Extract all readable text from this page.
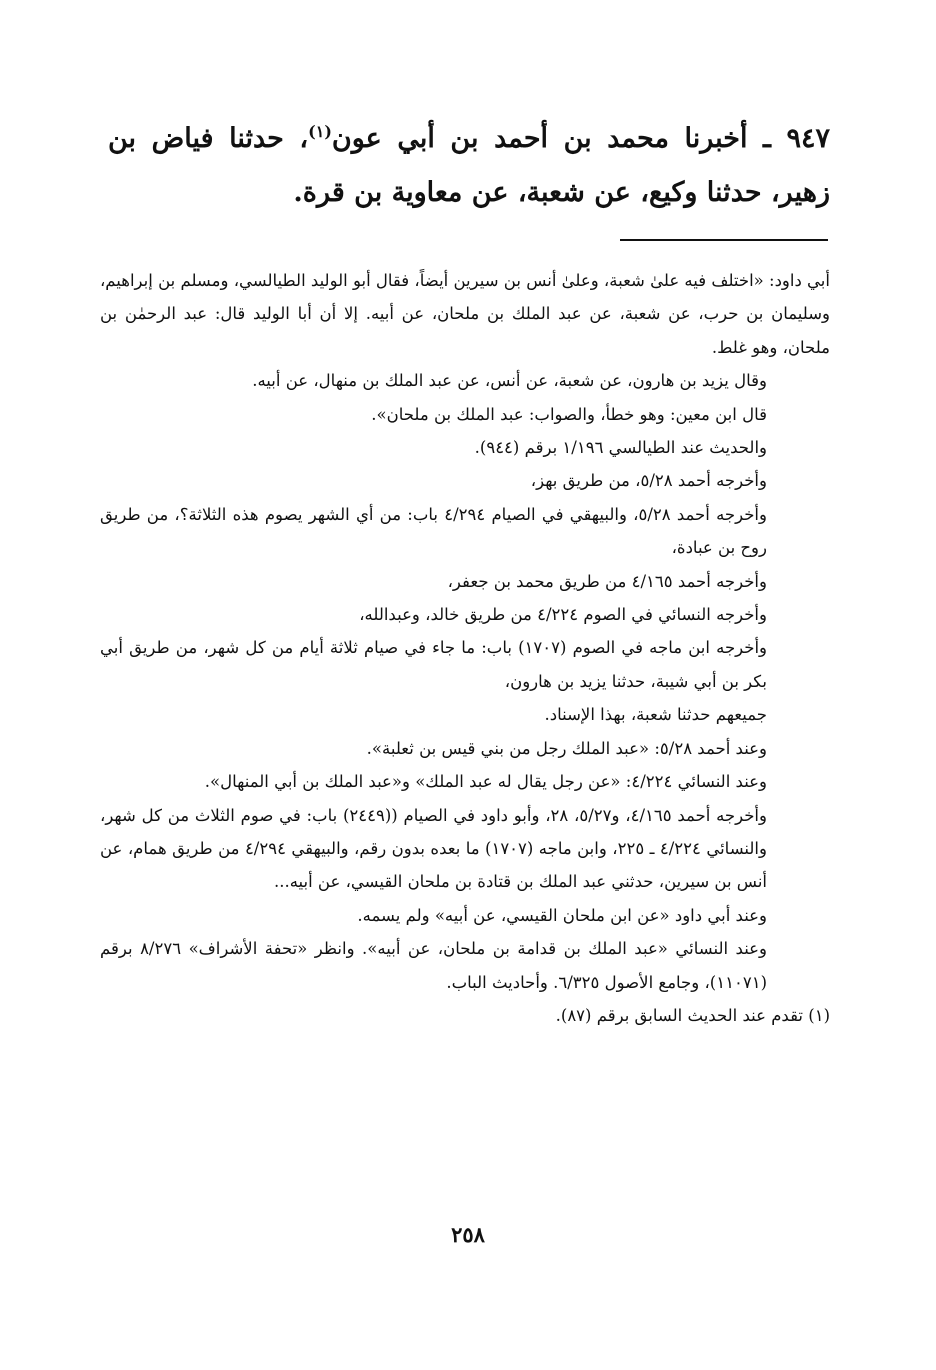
٩٤٧ ـ أخبرنا محمد بن أحمد بن أبي عون$^{(١)}$، حدثنا فياض بن زهير، حدثنا وكيع، عن شعبة، عن معاوية بن قرة.

أبي داود: «اختلف فيه علىٰ شعبة، وعلىٰ أنس بن سيرين أيضاً، فقال أبو الوليد الطيالسي، ومسلم بن إبراهيم، وسليمان بن حرب، عن شعبة، عن عبد الملك بن ملحان، عن أبيه. إلا أن أبا الوليد قال: عبد الرحمٰن بن ملحان، وهو غلط.

وقال يزيد بن هارون، عن شعبة، عن أنس، عن عبد الملك بن منهال، عن أبيه.

قال ابن معين: وهو خطأ، والصواب: عبد الملك بن ملحان».

والحديث عند الطيالسي ١/١٩٦ برقم (٩٤٤).

وأخرجه أحمد ٥/٢٨، من طريق بهز،

وأخرجه أحمد ٥/٢٨، والبيهقي في الصيام ٤/٢٩٤ باب: من أي الشهر يصوم هذه الثلاثة؟، من طريق روح بن عبادة،

وأخرجه أحمد ٤/١٦٥ من طريق محمد بن جعفر،

وأخرجه النسائي في الصوم ٤/٢٢٤ من طريق خالد، وعبدالله،

وأخرجه ابن ماجه في الصوم (١٧٠٧) باب: ما جاء في صيام ثلاثة أيام من كل شهر، من طريق أبي بكر بن أبي شيبة، حدثنا يزيد بن هارون،

جميعهم حدثنا شعبة، بهذا الإسناد.

وعند أحمد ٥/٢٨: «عبد الملك رجل من بني قيس بن ثعلبة».

وعند النسائي ٤/٢٢٤: «عن رجل يقال له عبد الملك» و«عبد الملك بن أبي المنهال».

وأخرجه أحمد ٤/١٦٥، و٥/٢٧، ٢٨، وأبو داود في الصيام ((٢٤٤٩) باب: في صوم الثلاث من كل شهر، والنسائي ٤/٢٢٤ ـ ٢٢٥، وابن ماجه (١٧٠٧) ما بعده بدون رقم، والبيهقي ٤/٢٩٤ من طريق همام، عن أنس بن سيرين، حدثني عبد الملك بن قتادة بن ملحان القيسي، عن أبيه...

وعند أبي داود «عن ابن ملحان القيسي، عن أبيه» ولم يسمه.

وعند النسائي «عبد الملك بن قدامة بن ملحان، عن أبيه». وانظر «تحفة الأشراف» ٨/٢٧٦ برقم (١١٠٧١)، وجامع الأصول ٦/٣٢٥. وأحاديث الباب.

(١) تقدم عند الحديث السابق برقم (٨٧).

٢٥٨
